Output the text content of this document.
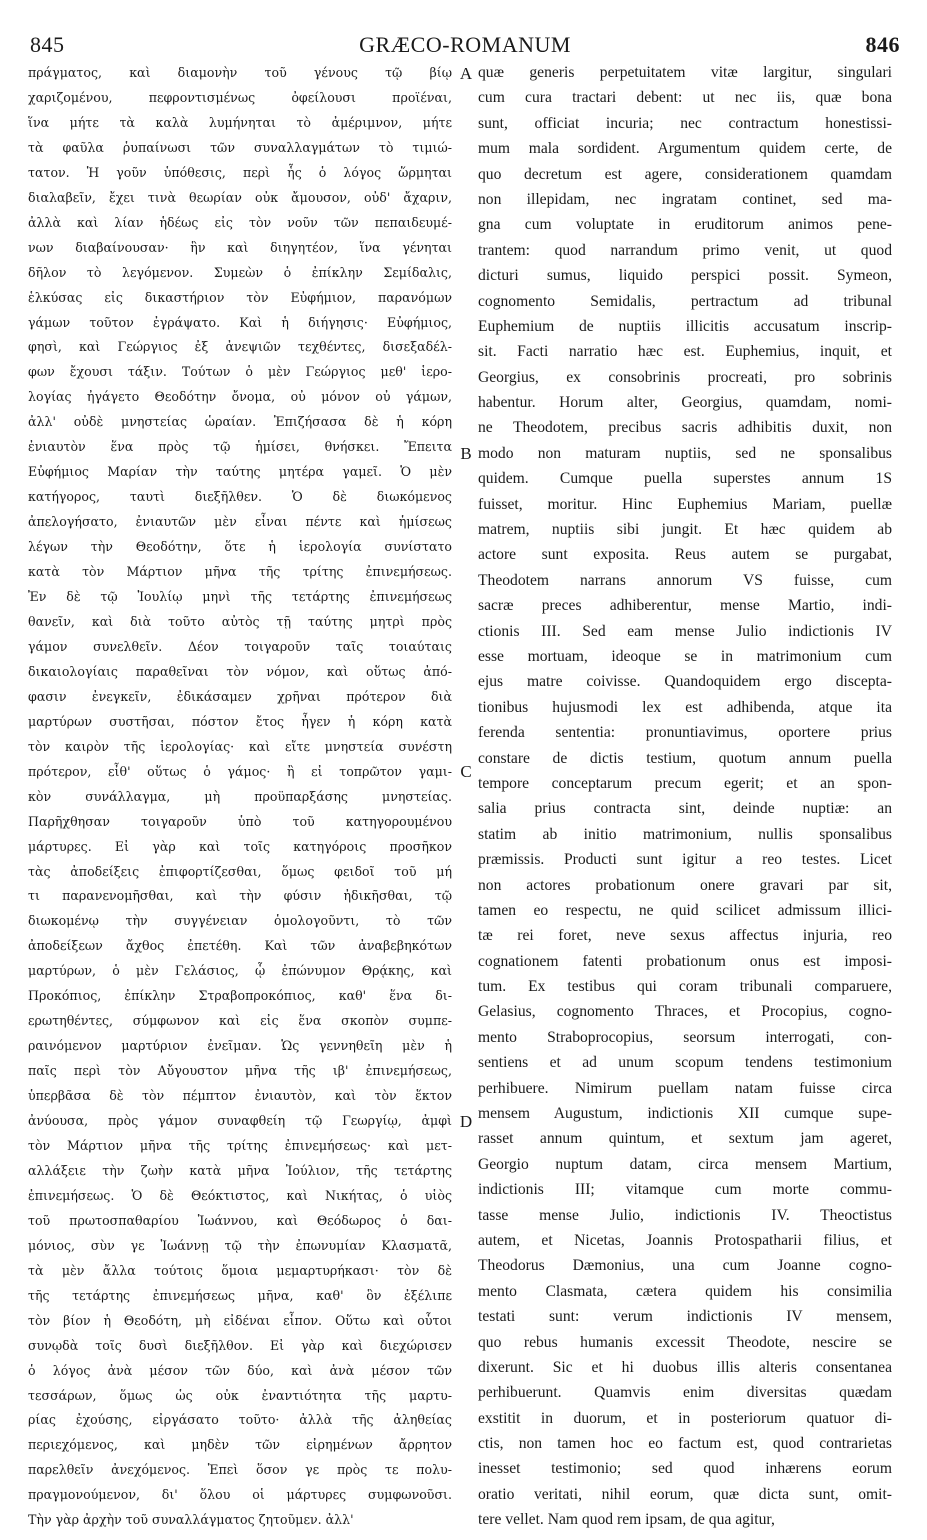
845	GRÆCO-ROMANUM	846
πράγματος, καὶ διαμονὴν τοῦ γένους τῷ βίῳ
χαριζομένου, πεφροντισμένως ὀφείλουσι προϊέναι,
ἵνα μήτε τὰ καλὰ λυμήνηται τὸ ἀμέριμνον, μήτε
τὰ φαῦλα ῥυπαίνωσι τῶν συναλλαγμάτων τὸ τιμιώ-
τατον. Ἡ γοῦν ὑπόθεσις, περὶ ἧς ὁ λόγος ὥρμηται
διαλαβεῖν, ἔχει τινὰ θεωρίαν οὐκ ἄμουσον, οὐδ' ἄχαριν,
ἀλλὰ καὶ λίαν ἡδέως εἰς τὸν νοῦν τῶν πεπαιδευμέ-
νων διαβαίνουσαν· ἣν καὶ διηγητέον, ἵνα γένηται
δῆλον τὸ λεγόμενον. Συμεὼν ὁ ἐπίκλην Σεμίδαλις,
ἑλκύσας εἰς δικαστήριον τὸν Εὐφήμιον, παρανόμων
γάμων τοῦτον ἐγράψατο. Καὶ ἡ διήγησις· Εὐφήμιος,
φησὶ, καὶ Γεώργιος ἐξ ἀνεψιῶν τεχθέντες, δισεξαδέλ-
φων ἔχουσι τάξιν. Τούτων ὁ μὲν Γεώργιος μεθ' ἱερο-
λογίας ἠγάγετο Θεοδότην ὄνομα, οὐ μόνον οὐ γάμων,
ἀλλ' οὐδὲ μνηστείας ὡραίαν. Ἐπιζήσασα δὲ ἡ κόρη
ἐνιαυτὸν ἕνα πρὸς τῷ ἡμίσει, θνήσκει. Ἔπειτα
Εὐφήμιος Μαρίαν τὴν ταύτης μητέρα γαμεῖ. Ὁ μὲν
κατήγορος, ταυτὶ διεξῆλθεν. Ὁ δὲ διωκόμενος
ἀπελογήσατο, ἐνιαυτῶν μὲν εἶναι πέντε καὶ ἡμίσεως
λέγων τὴν Θεοδότην, ὅτε ἡ ἱερολογία συνίστατο
κατὰ τὸν Μάρτιον μῆνα τῆς τρίτης ἐπινεμήσεως.
Ἐν δὲ τῷ Ἰουλίῳ μηνὶ τῆς τετάρτης ἐπινεμήσεως
θανεῖν, καὶ διὰ τοῦτο αὐτὸς τῇ ταύτης μητρὶ πρὸς
γάμον συνελθεῖν. Δέον τοιγαροῦν ταῖς τοιαύταις
δικαιολογίαις παραθεῖναι τὸν νόμον, καὶ οὕτως ἀπό-
φασιν ἐνεγκεῖν, ἐδικάσαμεν χρῆναι πρότερον διὰ
μαρτύρων συστῆσαι, πόστον ἔτος ἦγεν ἡ κόρη κατὰ
τὸν καιρὸν τῆς ἱερολογίας· καὶ εἴτε μνηστεία συνέστη
πρότερον, εἶθ' οὕτως ὁ γάμος· ἢ εἰ τοπρῶτον γαμι-
κὸν συνάλλαγμα, μὴ προϋπαρξάσης μνηστείας.
Παρῆχθησαν τοιγαροῦν ὑπὸ τοῦ κατηγορουμένου
μάρτυρες. Εἰ γὰρ καὶ τοῖς κατηγόροις προσῆκον
τὰς ἀποδείξεις ἐπιφορτίζεσθαι, ὅμως φειδοῖ τοῦ μή
τι παρανενομῆσθαι, καὶ τὴν φύσιν ἠδικῆσθαι, τῷ
διωκομένῳ τὴν συγγένειαν ὁμολογοῦντι, τὸ τῶν
ἀποδείξεων ἄχθος ἐπετέθη. Καὶ τῶν ἀναβεβηκότων
μαρτύρων, ὁ μὲν Γελάσιος, ᾧ ἐπώνυμον Θρᾴκης, καὶ
Προκόπιος, ἐπίκλην Στραβοπροκόπιος, καθ' ἕνα δι-
ερωτηθέντες, σύμφωνον καὶ εἰς ἕνα σκοπὸν συμπε-
ραινόμενον μαρτύριον ἐνεῖμαν. Ὡς γεννηθεῖη μὲν ἡ
παῖς περὶ τὸν Αὔγουστον μῆνα τῆς ιβ' ἐπινεμήσεως,
ὑπερβᾶσα δὲ τὸν πέμπτον ἐνιαυτὸν, καὶ τὸν ἕκτον
ἀνύουσα, πρὸς γάμον συναφθείη τῷ Γεωργίῳ, ἀμφὶ
τὸν Μάρτιον μῆνα τῆς τρίτης ἐπινεμήσεως· καὶ μετ-
αλλάξειε τὴν ζωὴν κατὰ μῆνα Ἰούλιον, τῆς τετάρτης
ἐπινεμήσεως. Ὁ δὲ Θεόκτιστος, καὶ Νικήτας, ὁ υἱὸς
τοῦ πρωτοσπαθαρίου Ἰωάννου, καὶ Θεόδωρος ὁ δαι-
μόνιος, σὺν γε Ἰωάννῃ τῷ τὴν ἐπωνυμίαν Κλασματᾶ,
τὰ μὲν ἄλλα τούτοις ὅμοια μεμαρτυρήκασι· τὸν δὲ
τῆς τετάρτης ἐπινεμήσεως μῆνα, καθ' ὃν ἐξέλιπε
τὸν βίον ἡ Θεοδότη, μὴ εἰδέναι εἶπον. Οὕτω καὶ οὗτοι
συνῳδὰ τοῖς δυσὶ διεξῆλθον. Εἰ γὰρ καὶ διεχώρισεν
ὁ λόγος ἀνὰ μέσον τῶν δύο, καὶ ἀνὰ μέσον τῶν
τεσσάρων, ὅμως ὡς οὐκ ἐναντιότητα τῆς μαρτυ-
ρίας ἐχούσης, εἰργάσατο τοῦτο· ἀλλὰ τῆς ἀληθείας
περιεχόμενος, καὶ μηδὲν τῶν εἰρημένων ἄρρητον
παρελθεῖν ἀνεχόμενος. Ἐπεὶ ὅσον γε πρὸς τε πολυ-
πραγμονούμενον, δι' ὅλου οἱ μάρτυρες συμφωνοῦσι.
Τὴν γὰρ ἀρχὴν τοῦ συναλλάγματος ζητοῦμεν. ἀλλ'
A
B
C
D
quæ generis perpetuitatem vitæ largitur, singulari
cum cura tractari debent: ut nec iis, quæ bona
sunt, officiat incuria; nec contractum honestissi-
mum mala sordident. Argumentum quidem certe, de
quo decretum est agere, considerationem quamdam
non illepidam, nec ingratam continet, sed ma-
gna cum voluptate in eruditorum animos pene-
trantem: quod narrandum primo venit, ut quod
dicturi sumus, liquido perspici possit. Symeon,
cognomento Semidalis, pertractum ad tribunal
Euphemium de nuptiis illicitis accusatum inscrip-
sit. Facti narratio hæc est. Euphemius, inquit, et
Georgius, ex consobrinis procreati, pro sobrinis
habentur. Horum alter, Georgius, quamdam, nomi-
ne Theodotem, precibus sacris adhibitis duxit, non
modo non maturam nuptiis, sed ne sponsalibus
quidem. Cumque puella superstes annum 1S
fuisset, moritur. Hinc Euphemius Mariam, puellæ
matrem, nuptiis sibi jungit. Et hæc quidem ab
actore sunt exposita. Reus autem se purgabat,
Theodotem narrans annorum VS fuisse, cum
sacræ preces adhiberentur, mense Martio, indi-
ctionis III. Sed eam mense Julio indictionis IV
esse mortuam, ideoque se in matrimonium cum
ejus matre coivisse. Quandoquidem ergo discepta-
tionibus hujusmodi lex est adhibenda, atque ita
ferenda sententia: pronuntiavimus, oportere prius
constare de dictis testium, quotum annum puella
tempore conceptarum precum egerit; et an spon-
salia prius contracta sint, deinde nuptiæ: an
statim ab initio matrimonium, nullis sponsalibus
præmissis. Producti sunt igitur a reo testes. Licet
non actores probationum onere gravari par sit,
tamen eo respectu, ne quid scilicet admissum illici-
tæ rei foret, neve sexus affectus injuria, reo
cognationem fatenti probationum onus est imposi-
tum. Ex testibus qui coram tribunali comparuere,
Gelasius, cognomento Thraces, et Procopius, cogno-
mento Straboprocopius, seorsum interrogati, con-
sentiens et ad unum scopum tendens testimonium
perhibuere. Nimirum puellam natam fuisse circa
mensem Augustum, indictionis XII cumque supe-
rasset annum quintum, et sextum jam ageret,
Georgio nuptum datam, circa mensem Martium,
indictionis III; vitamque cum morte commu-
tasse mense Julio, indictionis IV. Theoctistus
autem, et Nicetas, Joannis Protospatharii filius, et
Theodorus Dæmonius, una cum Joanne cogno-
mento Clasmata, cætera quidem his consimilia
testati sunt: verum indictionis IV mensem,
quo rebus humanis excessit Theodote, nescire se
dixerunt. Sic et hi duobus illis alteris consentanea
perhibuerunt. Quamvis enim diversitas quædam
exstitit in duorum, et in posteriorum quatuor di-
ctis, non tamen hoc eo factum est, quod contrarietas
inesset testimonio; sed quod inhærens eorum
oratio veritati, nihil eorum, quæ dicta sunt, omit-
tere vellet. Nam quod rem ipsam, de qua agitur,
